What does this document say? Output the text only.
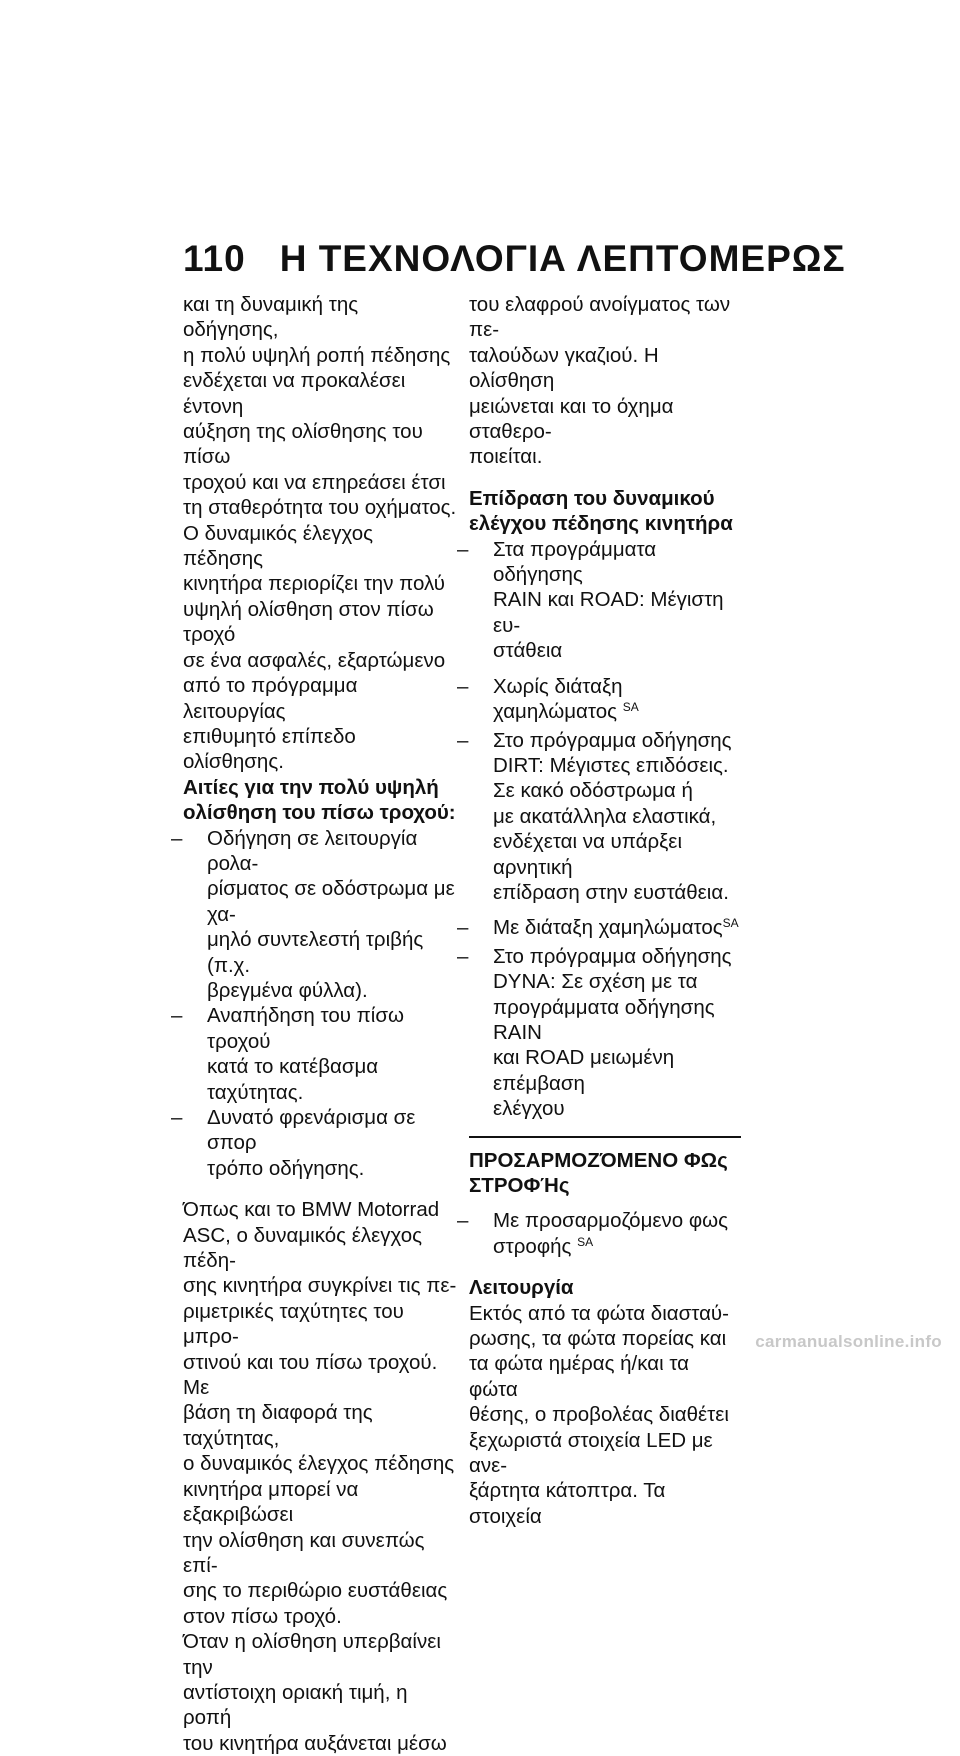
110 Η ΤΕΧΝΟΛΟΓΙΑ ΛΕΠΤΟΜΕΡΩΣ

και τη δυναμική της οδήγησης,

η πολύ υψηλή ροπή πέδησης

ενδέχεται να προκαλέσει έντονη

αύξηση της ολίσθησης του πίσω

τροχού και να επηρεάσει έτσι

τη σταθερότητα του οχήματος.

Ο δυναμικός έλεγχος πέδησης

κινητήρα περιορίζει την πολύ

υψηλή ολίσθηση στον πίσω τροχό

σε ένα ασφαλές, εξαρτώμενο

από το πρόγραμμα λειτουργίας

επιθυμητό επίπεδο ολίσθησης.

Αιτίες για την πολύ υψηλή
ολίσθηση του πίσω τροχού:
– Οδήγηση σε λειτουργία ρολα-
ρίσματος σε οδόστρωμα με χα-
μηλό συντελεστή τριβής (π.χ.
βρεγμένα φύλλα).
– Αναπήδηση του πίσω τροχού
κατά το κατέβασμα ταχύτητας.
– Δυνατό φρενάρισμα σε σπορ
τρόπο οδήγησης.

Όπως και το BMW Motorrad

ASC, ο δυναμικός έλεγχος πέδη-

σης κινητήρα συγκρίνει τις πε-

ριμετρικές ταχύτητες του μπρο-

στινού και του πίσω τροχού. Με

βάση τη διαφορά της ταχύτητας,

ο δυναμικός έλεγχος πέδησης

κινητήρα μπορεί να εξακριβώσει

την ολίσθηση και συνεπώς επί-

σης το περιθώριο ευστάθειας

στον πίσω τροχό.

Όταν η ολίσθηση υπερβαίνει την

αντίστοιχη οριακή τιμή, η ροπή

του κινητήρα αυξάνεται μέσω

του ελαφρού ανοίγματος των πε-

ταλούδων γκαζιού. Η ολίσθηση

μειώνεται και το όχημα σταθερο-

ποιείται.

Επίδραση του δυναμικού
ελέγχου πέδησης κινητήρα
– Στα προγράμματα οδήγησης
RAIN και ROAD: Μέγιστη ευ-
στάθεια
– Χωρίς διάταξη χαμηλώματος $^{SA}$
– Στο πρόγραμμα οδήγησης
DIRT: Μέγιστες επιδόσεις.
Σε κακό οδόστρωμα ή
με ακατάλληλα ελαστικά,
ενδέχεται να υπάρξει αρνητική
επίδραση στην ευστάθεια.
– Με διάταξη χαμηλώματος$^{SA}$
– Στο πρόγραμμα οδήγησης
DYNA: Σε σχέση με τα
προγράμματα οδήγησης RAIN
και ROAD μειωμένη επέμβαση
ελέγχου
ΠΡΟΣΑΡΜΟΖΌΜΕΝΟ ΦΩς
ΣΤΡΟΦΉς
– Με προσαρμοζόμενο φως
στροφής $^{SA}$
Λειτουργία

Εκτός από τα φώτα διασταύ-

ρωσης, τα φώτα πορείας και

τα φώτα ημέρας ή/και τα φώτα

θέσης, ο προβολέας διαθέτει

ξεχωριστά στοιχεία LED με ανε-

ξάρτητα κάτοπτρα. Τα στοιχεία

carmanualsonline.info
